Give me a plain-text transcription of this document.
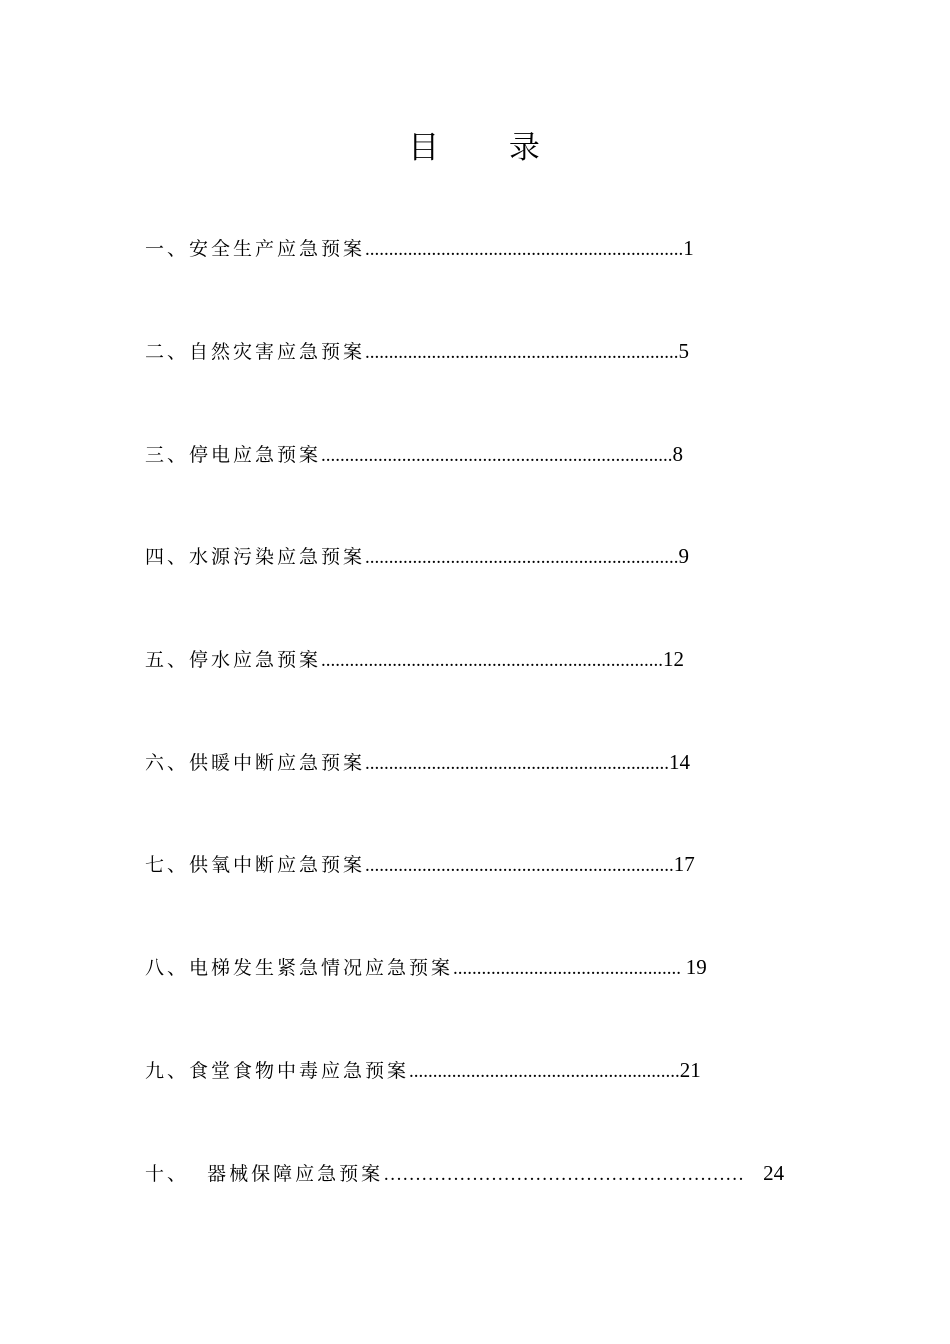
目 录
一、安全生产应急预案...................................................................1
二、自然灾害应急预案..................................................................5
三、停电应急预案..........................................................................8
四、水源污染应急预案..................................................................9
五、停水应急预案........................................................................12
六、供暖中断应急预案................................................................14
七、供氧中断应急预案.................................................................17
八、电梯发生紧急情况应急预案................................................ 19
九、食堂食物中毒应急预案.........................................................21
十、  器械保障应急预案…………………………………………………    24
